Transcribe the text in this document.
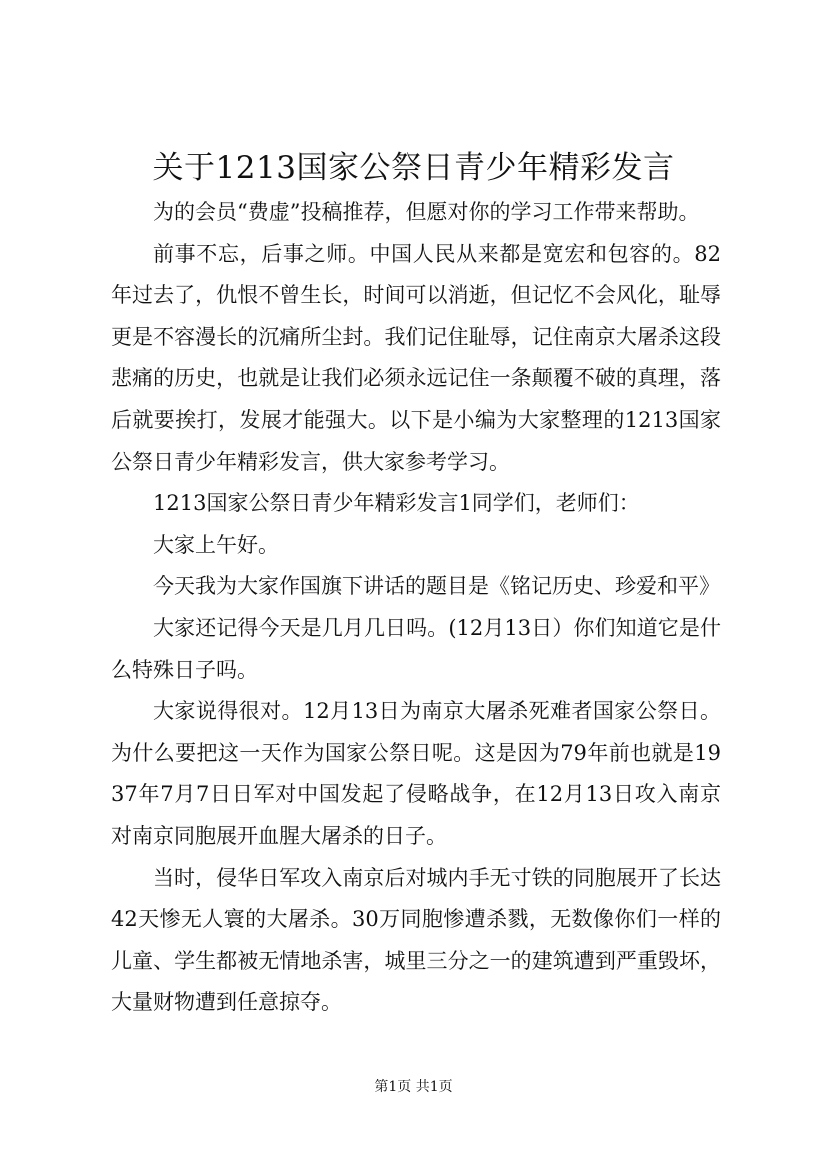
关于1213国家公祭日青少年精彩发言

为的会员“费虚”投稿推荐，但愿对你的学习工作带来帮助。

前事不忘，后事之师。中国人民从来都是宽宏和包容的。82年过去了，仇恨不曾生长，时间可以消逝，但记忆不会风化，耻辱更是不容漫长的沉痛所尘封。我们记住耻辱，记住南京大屠杀这段悲痛的历史，也就是让我们必须永远记住一条颠覆不破的真理，落后就要挨打，发展才能强大。以下是小编为大家整理的1213国家公祭日青少年精彩发言，供大家参考学习。

1213国家公祭日青少年精彩发言1同学们，老师们：

大家上午好。

今天我为大家作国旗下讲话的题目是《铭记历史、珍爱和平》

大家还记得今天是几月几日吗。(12月13日）你们知道它是什么特殊日子吗。

大家说得很对。12月13日为南京大屠杀死难者国家公祭日。为什么要把这一天作为国家公祭日呢。这是因为79年前也就是1937年7月7日日军对中国发起了侵略战争，在12月13日攻入南京对南京同胞展开血腥大屠杀的日子。

当时，侵华日军攻入南京后对城内手无寸铁的同胞展开了长达42天惨无人寰的大屠杀。30万同胞惨遭杀戮，无数像你们一样的儿童、学生都被无情地杀害，城里三分之一的建筑遭到严重毁坏，大量财物遭到任意掠夺。

第1页 共1页
